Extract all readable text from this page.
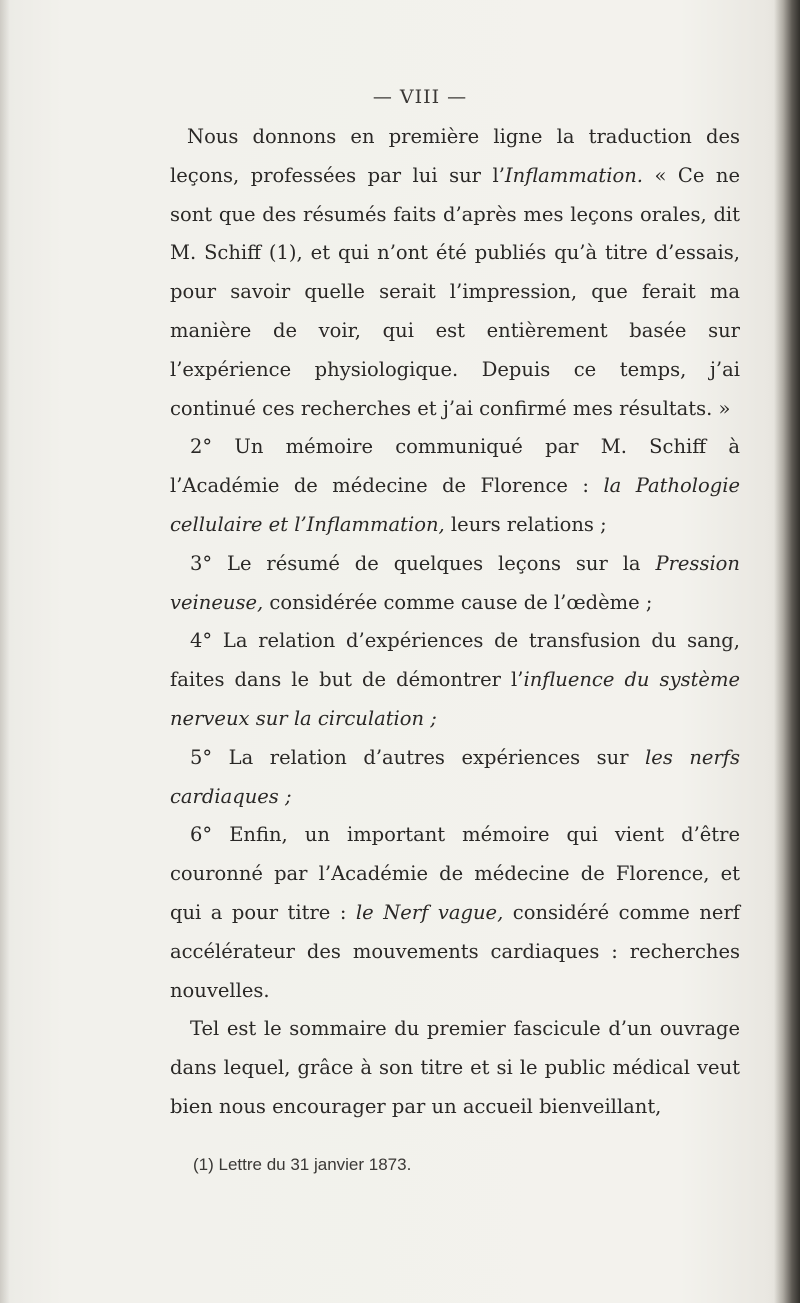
— VIII —

Nous donnons en première ligne la traduction des leçons, professées par lui sur l’Inflammation. « Ce ne sont que des résumés faits d’après mes leçons orales, dit M. Schiff (1), et qui n’ont été publiés qu’à titre d’essais, pour savoir quelle serait l’impression, que ferait ma manière de voir, qui est entièrement basée sur l’expérience physiologique. Depuis ce temps, j’ai continué ces recherches et j’ai confirmé mes résultats. »

2° Un mémoire communiqué par M. Schiff à l’Académie de médecine de Florence : la Pathologie cellulaire et l’Inflammation, leurs relations ;

3° Le résumé de quelques leçons sur la Pression veineuse, considérée comme cause de l’œdème ;

4° La relation d’expériences de transfusion du sang, faites dans le but de démontrer l’influence du système nerveux sur la circulation ;

5° La relation d’autres expériences sur les nerfs cardiaques ;

6° Enfin, un important mémoire qui vient d’être couronné par l’Académie de médecine de Florence, et qui a pour titre : le Nerf vague, considéré comme nerf accélérateur des mouvements cardiaques : recherches nouvelles.

Tel est le sommaire du premier fascicule d’un ouvrage dans lequel, grâce à son titre et si le public médical veut bien nous encourager par un accueil bienveillant,

(1) Lettre du 31 janvier 1873.
